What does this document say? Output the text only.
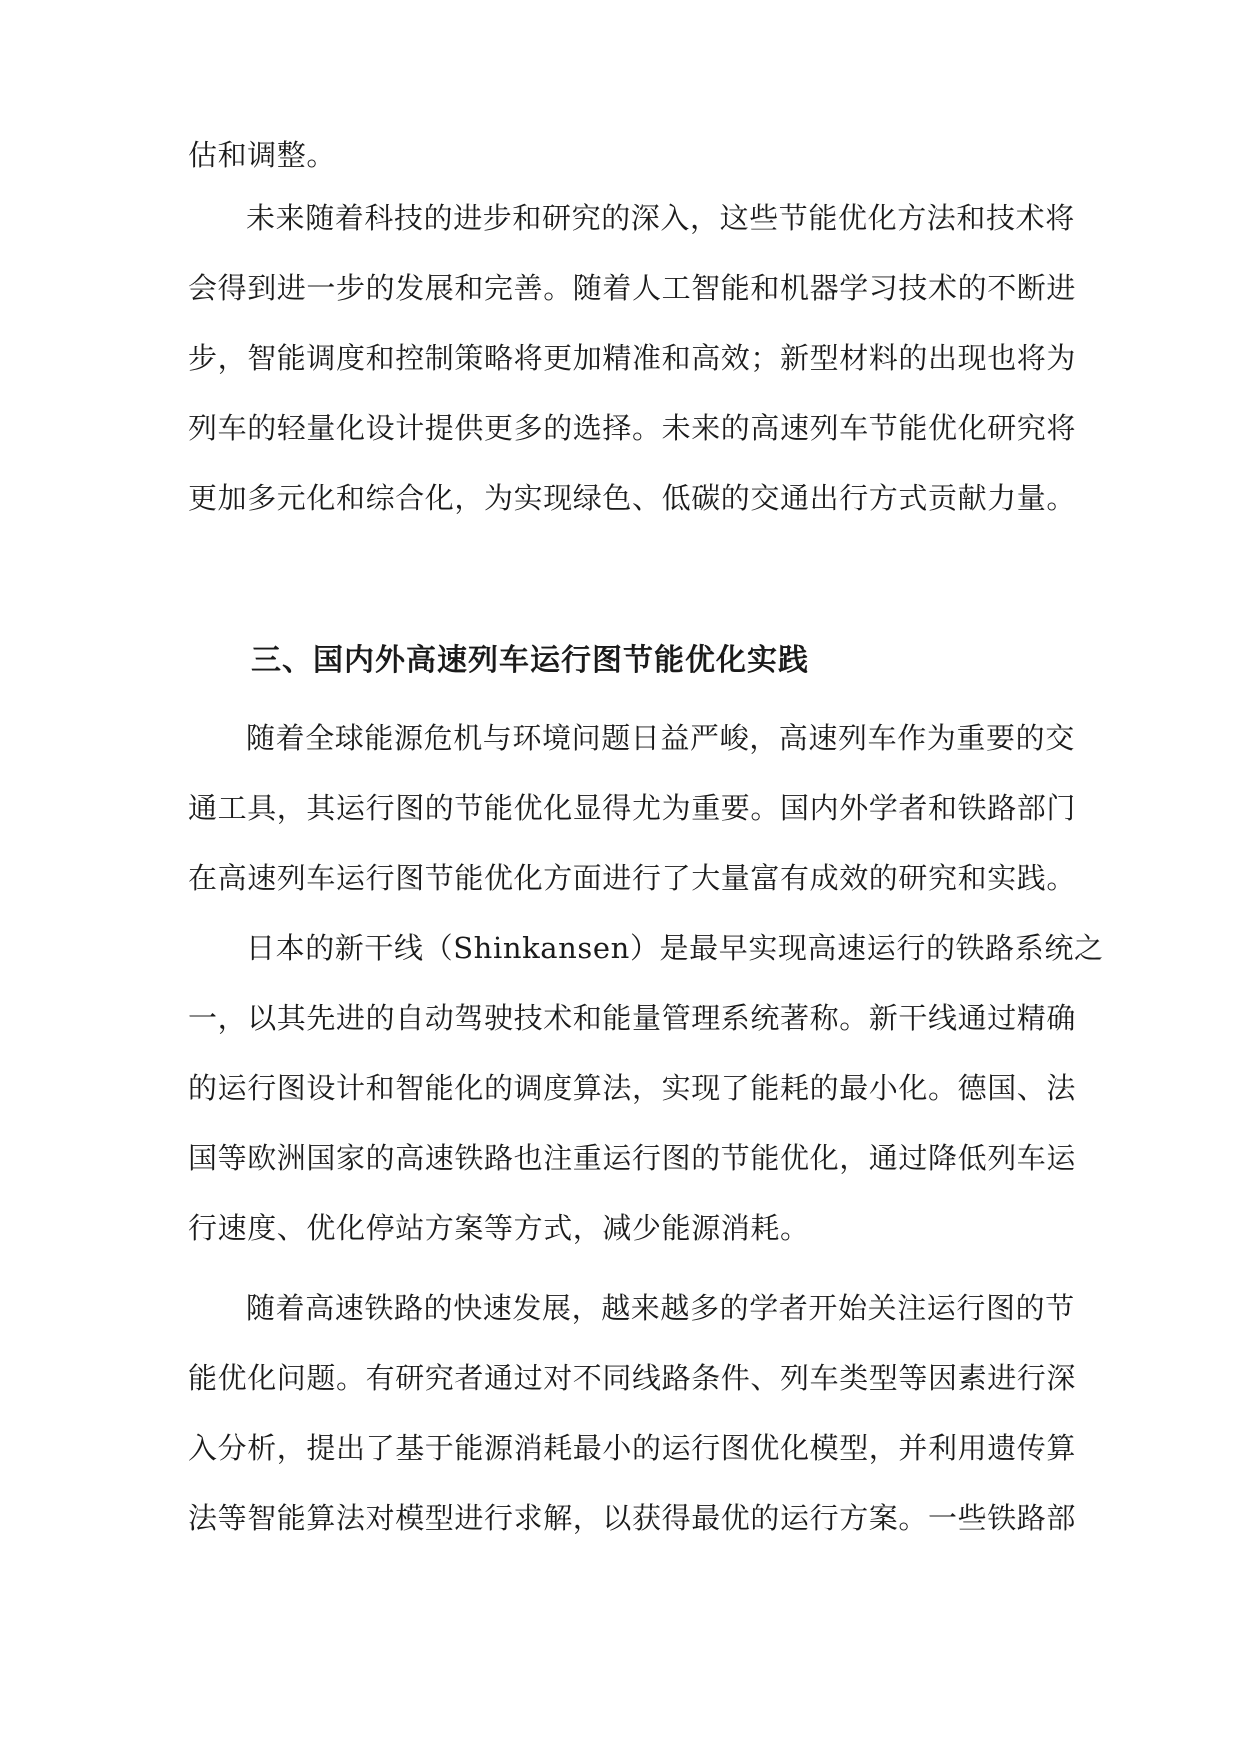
估和调整。
未来随着科技的进步和研究的深入，这些节能优化方法和技术将
会得到进一步的发展和完善。随着人工智能和机器学习技术的不断进
步，智能调度和控制策略将更加精准和高效；新型材料的出现也将为
列车的轻量化设计提供更多的选择。未来的高速列车节能优化研究将
更加多元化和综合化，为实现绿色、低碳的交通出行方式贡献力量。
三、国内外高速列车运行图节能优化实践
随着全球能源危机与环境问题日益严峻，高速列车作为重要的交
通工具，其运行图的节能优化显得尤为重要。国内外学者和铁路部门
在高速列车运行图节能优化方面进行了大量富有成效的研究和实践。
日本的新干线（Shinkansen）是最早实现高速运行的铁路系统之
一，以其先进的自动驾驶技术和能量管理系统著称。新干线通过精确
的运行图设计和智能化的调度算法，实现了能耗的最小化。德国、法
国等欧洲国家的高速铁路也注重运行图的节能优化，通过降低列车运
行速度、优化停站方案等方式，减少能源消耗。
随着高速铁路的快速发展，越来越多的学者开始关注运行图的节
能优化问题。有研究者通过对不同线路条件、列车类型等因素进行深
入分析，提出了基于能源消耗最小的运行图优化模型，并利用遗传算
法等智能算法对模型进行求解，以获得最优的运行方案。一些铁路部
